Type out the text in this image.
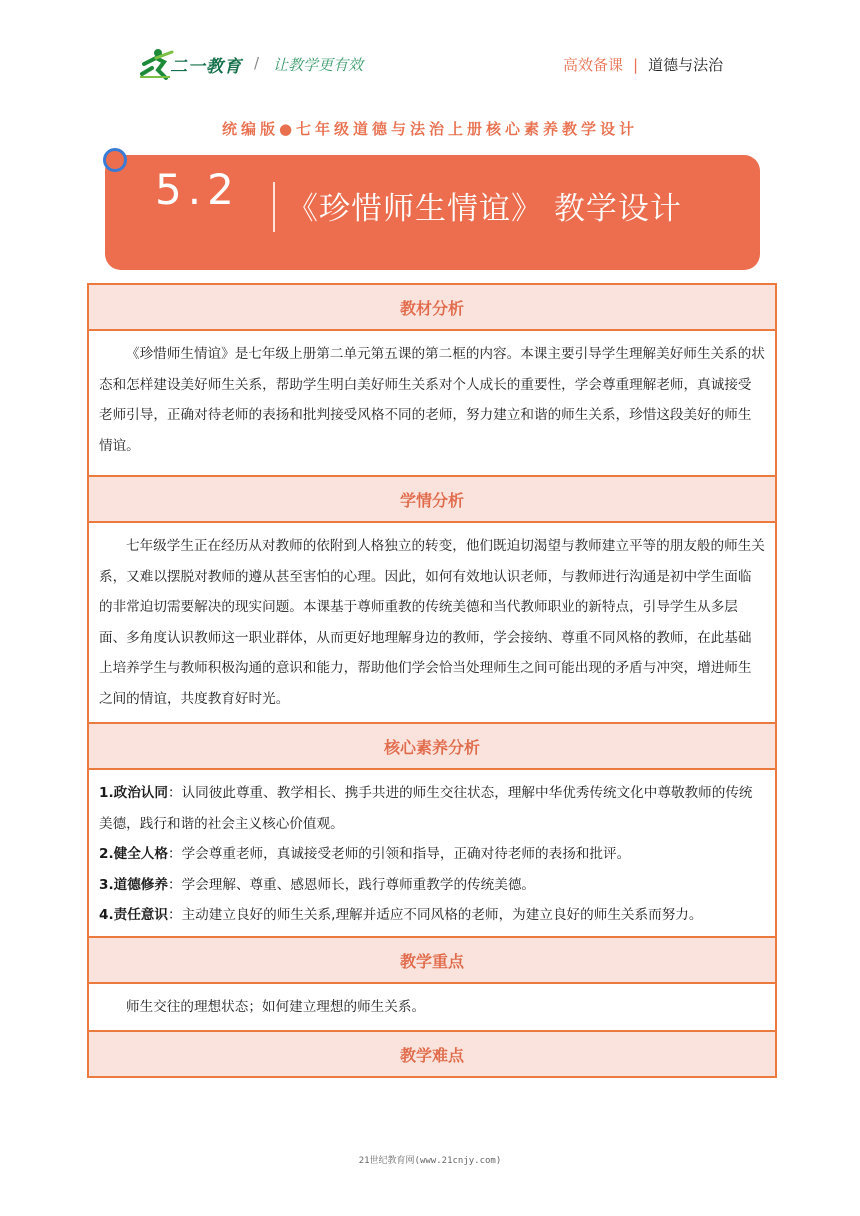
二一教育 / 让教学更有效	高效备课 | 道德与法治
统编版●七年级道德与法治上册核心素养教学设计
5.2 《珍惜师生情谊》 教学设计
教材分析

《珍惜师生情谊》是七年级上册第二单元第五课的第二框的内容。本课主要引导学生理解美好师生关系的状态和怎样建设美好师生关系，帮助学生明白美好师生关系对个人成长的重要性，学会尊重理解老师，真诚接受老师引导，正确对待老师的表扬和批判接受风格不同的老师，努力建立和谐的师生关系，珍惜这段美好的师生情谊。

学情分析

七年级学生正在经历从对教师的依附到人格独立的转变，他们既迫切渴望与教师建立平等的朋友般的师生关系，又难以摆脱对教师的遵从甚至害怕的心理。因此，如何有效地认识老师，与教师进行沟通是初中学生面临的非常迫切需要解决的现实问题。本课基于尊师重教的传统美德和当代教师职业的新特点，引导学生从多层面、多角度认识教师这一职业群体，从而更好地理解身边的教师，学会接纳、尊重不同风格的教师，在此基础上培养学生与教师积极沟通的意识和能力，帮助他们学会恰当处理师生之间可能出现的矛盾与冲突，增进师生之间的情谊，共度教育好时光。

核心素养分析

1.政治认同：认同彼此尊重、教学相长、携手共进的师生交往状态，理解中华优秀传统文化中尊敬教师的传统美德，践行和谐的社会主义核心价值观。

2.健全人格：学会尊重老师，真诚接受老师的引领和指导，正确对待老师的表扬和批评。

3.道德修养：学会理解、尊重、感恩师长，践行尊师重教学的传统美德。

4.责任意识：主动建立良好的师生关系,理解并适应不同风格的老师，为建立良好的师生关系而努力。

教学重点

师生交往的理想状态；如何建立理想的师生关系。

教学难点
21世纪教育网(www.21cnjy.com)
